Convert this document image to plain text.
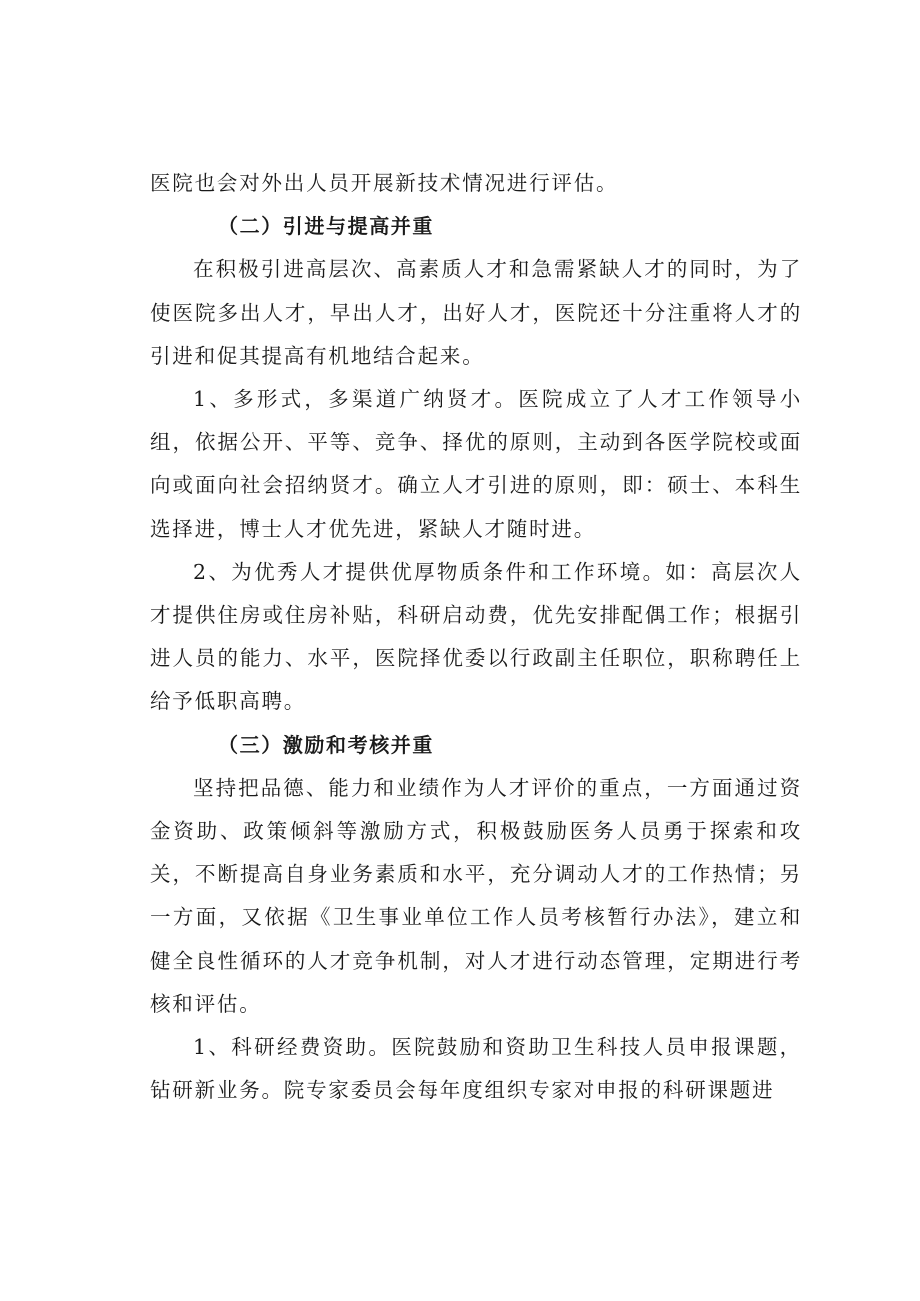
医院也会对外出人员开展新技术情况进行评估。

（二）引进与提高并重

在积极引进高层次、高素质人才和急需紧缺人才的同时，为了使医院多出人才，早出人才，出好人才，医院还十分注重将人才的引进和促其提高有机地结合起来。

1、多形式，多渠道广纳贤才。医院成立了人才工作领导小组，依据公开、平等、竞争、择优的原则，主动到各医学院校或面向或面向社会招纳贤才。确立人才引进的原则，即：硕士、本科生选择进，博士人才优先进，紧缺人才随时进。

2、为优秀人才提供优厚物质条件和工作环境。如：高层次人才提供住房或住房补贴，科研启动费，优先安排配偶工作；根据引进人员的能力、水平，医院择优委以行政副主任职位，职称聘任上给予低职高聘。

（三）激励和考核并重

坚持把品德、能力和业绩作为人才评价的重点，一方面通过资金资助、政策倾斜等激励方式，积极鼓励医务人员勇于探索和攻关，不断提高自身业务素质和水平，充分调动人才的工作热情；另一方面，又依据《卫生事业单位工作人员考核暂行办法》，建立和健全良性循环的人才竞争机制，对人才进行动态管理，定期进行考核和评估。

1、科研经费资助。医院鼓励和资助卫生科技人员申报课题，钻研新业务。院专家委员会每年度组织专家对申报的科研课题进
